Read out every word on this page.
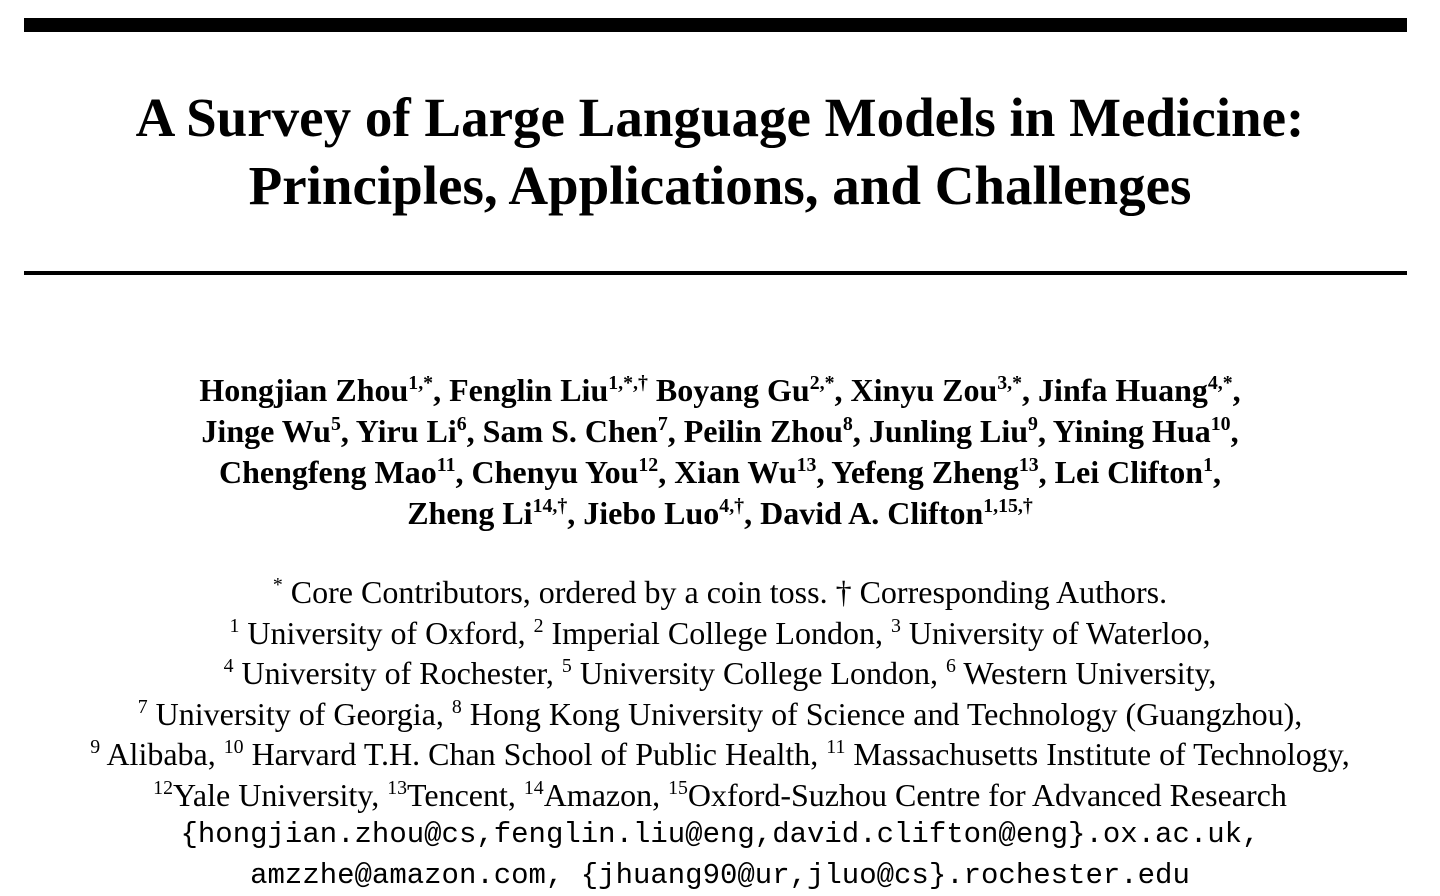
A Survey of Large Language Models in Medicine:
Principles, Applications, and Challenges
Hongjian Zhou$^{1,*}$, Fenglin Liu$^{1,*,\dagger}$ Boyang $Gu^{2,*}$, Xinyu Zou$^{3,*}$, Jinfa Huang$^{4,*}$,
Jinge Wu$^5$, Yiru Li$^6$, Sam S. Chen$^7$, Peilin Zhou$^8$, Junling Liu$^9$, Yining Hua$^{10}$,
Chengfeng Mao$^{11}$, Chenyu You$^{12}$, Xian Wu$^{13}$, Yefeng Zheng$^{13}$, Lei Clifton$^1$,
Zheng $Li^{14,\dagger}$, Jiebo Luo$^{4,\dagger}$, David A. Clifton$^{1,15,\dagger}$
* Core Contributors, ordered by a coin toss. † Corresponding Authors.
$^1$ University of Oxford, $^2$ Imperial College London, $^3$ University of Waterloo,
$^4$ University of Rochester, $^5$ University College London, $^6$ Western University,
$^7$ University of Georgia, $^8$ Hong Kong University of Science and Technology (Guangzhou),
$^9$ Alibaba, $^{10}$ Harvard T.H. Chan School of Public Health, $^{11}$ Massachusetts Institute of Technology,
$^{12}$Yale University, $^{13}$Tencent, $^{14}$Amazon, $^{15}$Oxford-Suzhou Centre for Advanced Research
{hongjian.zhou@cs,fenglin.liu@eng,david.clifton@eng}.ox.ac.uk,
amzzhe@amazon.com, {jhuang90@ur,jluo@cs}.rochester.edu
